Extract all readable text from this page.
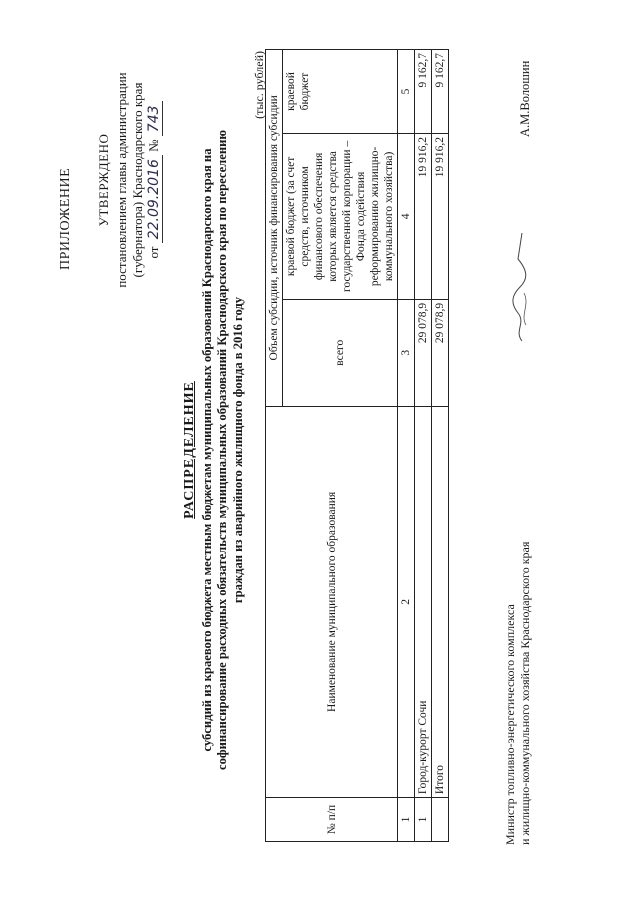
ПРИЛОЖЕНИЕ УТВЕРЖДЕНО постановлением главы администрации (губернатора) Краснодарского края от 22.09.2016 № 743
РАСПРЕДЕЛЕНИЕ субсидий из краевого бюджета местным бюджетам муниципальных образований Краснодарского края на софинансирование расходных обязательств муниципальных образований Краснодарского края по переселению граждан из аварийного жилищного фонда в 2016 году
(тыс. рублей)
№ п/п	Наименование муниципального образования	Объем субсидии, источник финансирования субсидии		
		всего	краевой бюджет (за счет средств, источником финансового обеспечения которых является средства государственной корпорации – Фонда содействия реформированию жилищно-коммунального хозяйства)	краевой бюджет
1	2	3	4	5
1	Город-курорт Сочи	29 078,9	19 916,2	9 162,7
	Итого	29 078,9	19 916,2	9 162,7
Министр топливно-энергетического комплекса и жилищно-коммунального хозяйства Краснодарского края
А.М.Волошин
